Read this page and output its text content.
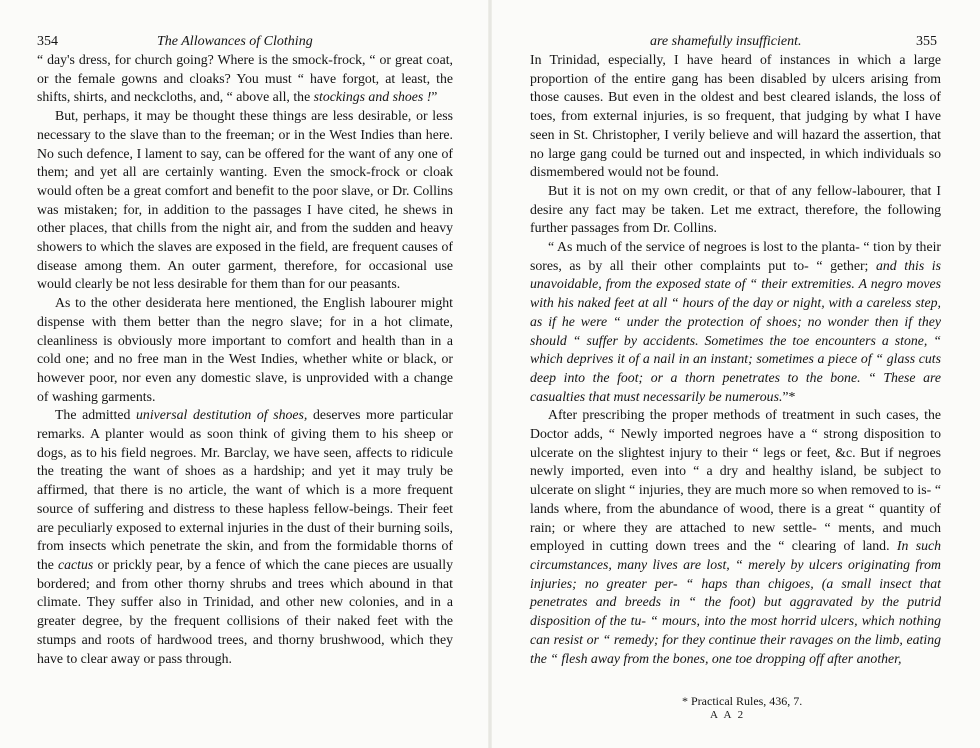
354	The Allowances of Clothing

“ day's dress, for church going? Where is the smock-frock, “ or great coat, or the female gowns and cloaks? You must “ have forgot, at least, the shifts, shirts, and neckcloths, and, “ above all, the stockings and shoes !”

But, perhaps, it may be thought these things are less desirable, or less necessary to the slave than to the freeman; or in the West Indies than here. No such defence, I lament to say, can be offered for the want of any one of them; and yet all are certainly wanting. Even the smock-frock or cloak would often be a great comfort and benefit to the poor slave, or Dr. Collins was mistaken; for, in addition to the passages I have cited, he shews in other places, that chills from the night air, and from the sudden and heavy showers to which the slaves are exposed in the field, are frequent causes of disease among them. An outer garment, therefore, for occasional use would clearly be not less desirable for them than for our peasants.

As to the other desiderata here mentioned, the English labourer might dispense with them better than the negro slave; for in a hot climate, cleanliness is obviously more important to comfort and health than in a cold one; and no free man in the West Indies, whether white or black, or however poor, nor even any domestic slave, is unprovided with a change of washing garments.

The admitted universal destitution of shoes, deserves more particular remarks. A planter would as soon think of giving them to his sheep or dogs, as to his field negroes. Mr. Barclay, we have seen, affects to ridicule the treating the want of shoes as a hardship; and yet it may truly be affirmed, that there is no article, the want of which is a more frequent source of suffering and distress to these hapless fellow-beings. Their feet are peculiarly exposed to external injuries in the dust of their burning soils, from insects which penetrate the skin, and from the formidable thorns of the cactus or prickly pear, by a fence of which the cane pieces are usually bordered; and from other thorny shrubs and trees which abound in that climate. They suffer also in Trinidad, and other new colonies, and in a greater degree, by the frequent collisions of their naked feet with the stumps and roots of hardwood trees, and thorny brushwood, which they have to clear away or pass through.

are shamefully insufficient.	355

In Trinidad, especially, I have heard of instances in which a large proportion of the entire gang has been disabled by ulcers arising from those causes. But even in the oldest and best cleared islands, the loss of toes, from external injuries, is so frequent, that judging by what I have seen in St. Christopher, I verily believe and will hazard the assertion, that no large gang could be turned out and inspected, in which individuals so dismembered would not be found.

But it is not on my own credit, or that of any fellow-labourer, that I desire any fact may be taken. Let me extract, therefore, the following further passages from Dr. Collins.

“ As much of the service of negroes is lost to the planta- “ tion by their sores, as by all their other complaints put to- “ gether; and this is unavoidable, from the exposed state of “ their extremities. A negro moves with his naked feet at all “ hours of the day or night, with a careless step, as if he were “ under the protection of shoes; no wonder then if they should “ suffer by accidents. Sometimes the toe encounters a stone, “ which deprives it of a nail in an instant; sometimes a piece of “ glass cuts deep into the foot; or a thorn penetrates to the bone. “ These are casualties that must necessarily be numerous.”*

After prescribing the proper methods of treatment in such cases, the Doctor adds, “ Newly imported negroes have a “ strong disposition to ulcerate on the slightest injury to their “ legs or feet, &c. But if negroes newly imported, even into “ a dry and healthy island, be subject to ulcerate on slight “ injuries, they are much more so when removed to is- “ lands where, from the abundance of wood, there is a great “ quantity of rain; or where they are attached to new settle- “ ments, and much employed in cutting down trees and the “ clearing of land. In such circumstances, many lives are lost, “ merely by ulcers originating from injuries; no greater per- “ haps than chigoes, (a small insect that penetrates and breeds in “ the foot) but aggravated by the putrid disposition of the tu- “ mours, into the most horrid ulcers, which nothing can resist or “ remedy; for they continue their ravages on the limb, eating the “ flesh away from the bones, one toe dropping off after another,

* Practical Rules, 436, 7.
A A 2
